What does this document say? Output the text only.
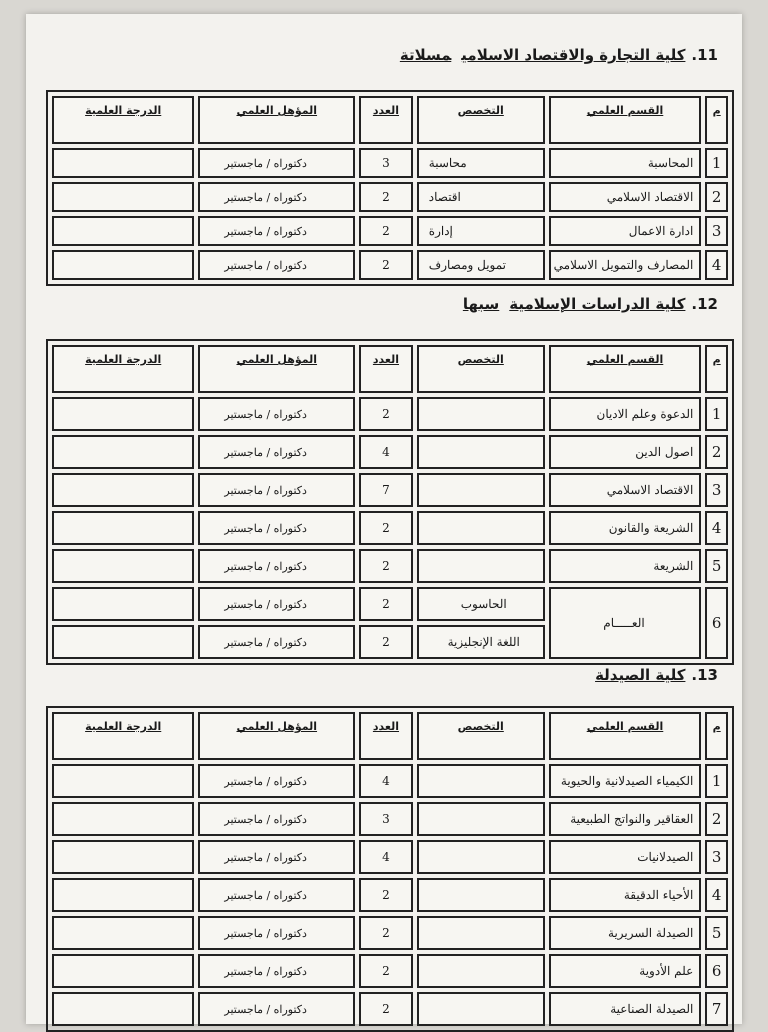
11.كلية التجارة والاقتصاد الاسلاميمسلاتة
م	القسم العلمي	التخصص	العدد	المؤهل العلمي	الدرجة العلمية
1	المحاسبة	محاسبة	3	دكتوراه / ماجستير	
2	الاقتصاد الاسلامي	اقتصاد	2	دكتوراه / ماجستير	
3	ادارة الاعمال	إدارة	2	دكتوراه / ماجستير	
4	المصارف والتمويل الاسلامي	تمويل ومصارف	2	دكتوراه / ماجستير	
12.كلية الدراسات الإسلاميةسبها
م	القسم العلمي	التخصص	العدد	المؤهل العلمي	الدرجة العلمية
1	الدعوة وعلم الاديان		2	دكتوراه / ماجستير	
2	اصول الدين		4	دكتوراه / ماجستير	
3	الاقتصاد الاسلامي		7	دكتوراه / ماجستير	
4	الشريعة والقانون		2	دكتوراه / ماجستير	
5	الشريعة		2	دكتوراه / ماجستير	
6	العـــــام	الحاسوب	2	دكتوراه / ماجستير	
		اللغة الإنجليزية	2	دكتوراه / ماجستير	
13.كلية الصيدلة
م	القسم العلمي	التخصص	العدد	المؤهل العلمي	الدرجة العلمية
1	الكيمياء الصيدلانية والحيوية		4	دكتوراه / ماجستير	
2	العقاقير والنواتج الطبيعية		3	دكتوراه / ماجستير	
3	الصيدلانيات		4	دكتوراه / ماجستير	
4	الأحياء الدقيقة		2	دكتوراه / ماجستير	
5	الصيدلة السريرية		2	دكتوراه / ماجستير	
6	علم الأدوية		2	دكتوراه / ماجستير	
7	الصيدلة الصناعية		2	دكتوراه / ماجستير	
